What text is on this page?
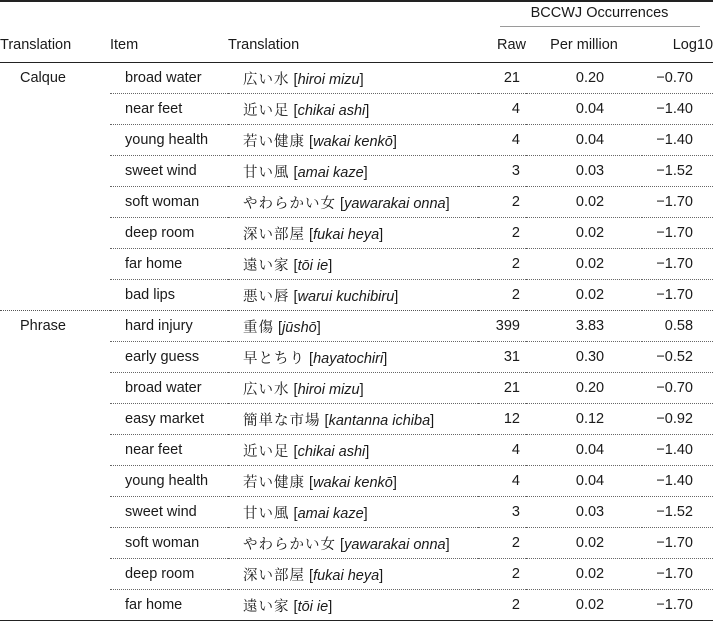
			BCCWJ Occurrences		
Translation	Item	Translation	Raw	Per million	Log10
Calque	broad water	広い水 [hiroi mizu]	21	0.20	−0.70
	near feet	近い足 [chikai ashi]	4	0.04	−1.40
	young health	若い健康 [wakai kenkō]	4	0.04	−1.40
	sweet wind	甘い風 [amai kaze]	3	0.03	−1.52
	soft woman	やわらかい女 [yawarakai onna]	2	0.02	−1.70
	deep room	深い部屋 [fukai heya]	2	0.02	−1.70
	far home	遠い家 [tōi ie]	2	0.02	−1.70
	bad lips	悪い唇 [warui kuchibiru]	2	0.02	−1.70
Phrase	hard injury	重傷 [jūshō]	399	3.83	0.58
	early guess	早とちり [hayatochiri]	31	0.30	−0.52
	broad water	広い水 [hiroi mizu]	21	0.20	−0.70
	easy market	簡単な市場 [kantanna ichiba]	12	0.12	−0.92
	near feet	近い足 [chikai ashi]	4	0.04	−1.40
	young health	若い健康 [wakai kenkō]	4	0.04	−1.40
	sweet wind	甘い風 [amai kaze]	3	0.03	−1.52
	soft woman	やわらかい女 [yawarakai onna]	2	0.02	−1.70
	deep room	深い部屋 [fukai heya]	2	0.02	−1.70
	far home	遠い家 [tōi ie]	2	0.02	−1.70
